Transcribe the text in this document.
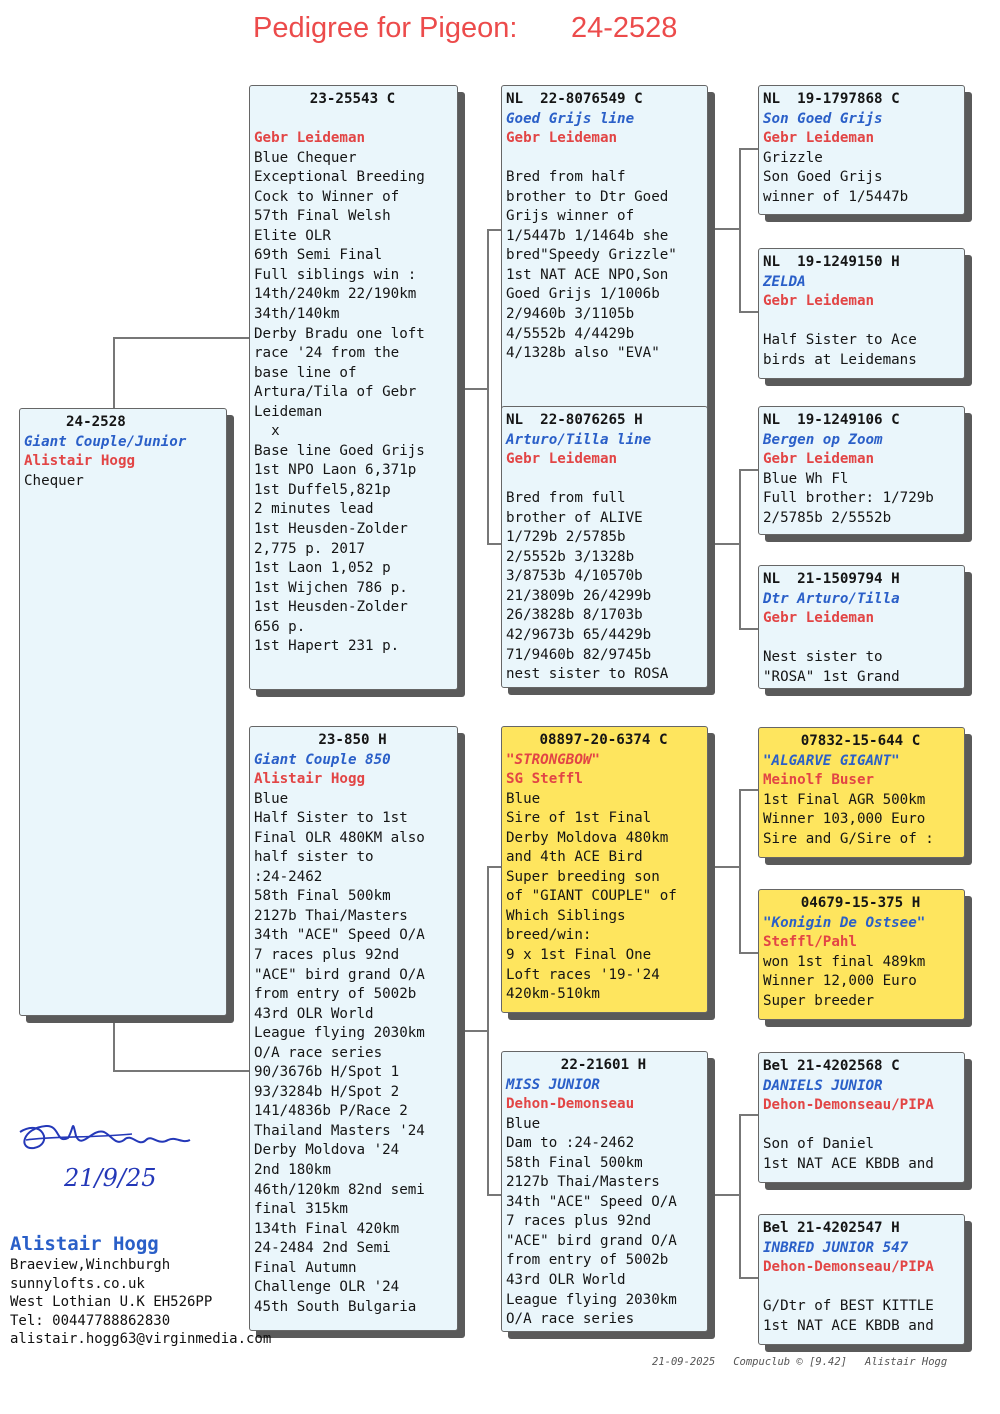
Pedigree for Pigeon: 24-2528
24-2528
Giant Couple/Junior
Alistair Hogg
Chequer
23-25543 C

Gebr Leideman
Blue Chequer
Exceptional Breeding
Cock to Winner of
57th Final Welsh
Elite OLR
69th Semi Final
Full siblings win :
14th/240km 22/190km
34th/140km
Derby Bradu one loft
race '24 from the
base line of
Artura/Tila of Gebr
Leideman
x
Base line Goed Grijs
1st NPO Laon 6,371p
1st Duffel5,821p
2 minutes lead
1st Heusden-Zolder
2,775 p. 2017
1st Laon 1,052 p
1st Wijchen 786 p.
1st Heusden-Zolder
656 p.
1st Hapert 231 p.
23-850 H
Giant Couple 850
Alistair Hogg
Blue
Half Sister to 1st
Final OLR 480KM also
half sister to
:24-2462
58th Final 500km
2127b Thai/Masters
34th "ACE" Speed O/A
7 races plus 92nd
"ACE" bird grand O/A
from entry of 5002b
43rd OLR World
League flying 2030km
O/A race series
90/3676b H/Spot 1
93/3284b H/Spot 2
141/4836b P/Race 2
Thailand Masters '24
Derby Moldova '24
2nd 180km
46th/120km 82nd semi
final 315km
134th Final 420km
24-2484 2nd Semi
Final Autumn
Challenge OLR '24
45th South Bulgaria
NL  22-8076549 C
Goed Grijs line
Gebr Leideman

Bred from half
brother to Dtr Goed
Grijs winner of
1/5447b 1/1464b she
bred"Speedy Grizzle"
1st NAT ACE NPO,Son
Goed Grijs 1/1006b
2/9460b 3/1105b
4/5552b 4/4429b
4/1328b also "EVA"
NL  22-8076265 H
Arturo/Tilla line
Gebr Leideman

Bred from full
brother of ALIVE
1/729b 2/5785b
2/5552b 3/1328b
3/8753b 4/10570b
21/3809b 26/4299b
26/3828b 8/1703b
42/9673b 65/4429b
71/9460b 82/9745b
nest sister to ROSA
08897-20-6374 C
"STRONGBOW"
SG Steffl
Blue
Sire of 1st Final
Derby Moldova 480km
and 4th ACE Bird
Super breeding son
of "GIANT COUPLE" of
Which Siblings
breed/win:
9 x 1st Final One
Loft races '19-'24
420km-510km
22-21601 H
MISS JUNIOR
Dehon-Demonseau
Blue
Dam to :24-2462
58th Final 500km
2127b Thai/Masters
34th "ACE" Speed O/A
7 races plus 92nd
"ACE" bird grand O/A
from entry of 5002b
43rd OLR World
League flying 2030km
O/A race series
NL  19-1797868 C
Son Goed Grijs
Gebr Leideman
Grizzle
Son Goed Grijs
winner of 1/5447b
NL  19-1249150 H
ZELDA
Gebr Leideman

Half Sister to Ace
birds at Leidemans
NL  19-1249106 C
Bergen op Zoom
Gebr Leideman
Blue Wh Fl
Full brother: 1/729b
2/5785b 2/5552b
NL  21-1509794 H
Dtr Arturo/Tilla
Gebr Leideman

Nest sister to
"ROSA" 1st Grand
07832-15-644 C
"ALGARVE GIGANT"
Meinolf Buser
1st Final AGR 500km
Winner 103,000 Euro
Sire and G/Sire of :
04679-15-375 H
"Konigin De Ostsee"
Steffl/Pahl
won 1st final 489km
Winner 12,000 Euro
Super breeder
Bel 21-4202568 C
DANIELS JUNIOR
Dehon-Demonseau/PIPA

Son of Daniel
1st NAT ACE KBDB and
Bel 21-4202547 H
INBRED JUNIOR 547
Dehon-Demonseau/PIPA

G/Dtr of BEST KITTLE
1st NAT ACE KBDB and
21/9/25
Alistair Hogg
Braeview,Winchburgh
sunnylofts.co.uk
West Lothian U.K EH526PP
Tel: 00447788862830
alistair.hogg63@virginmedia.com
21-09-2025 Compuclub © [9.42] Alistair Hogg
